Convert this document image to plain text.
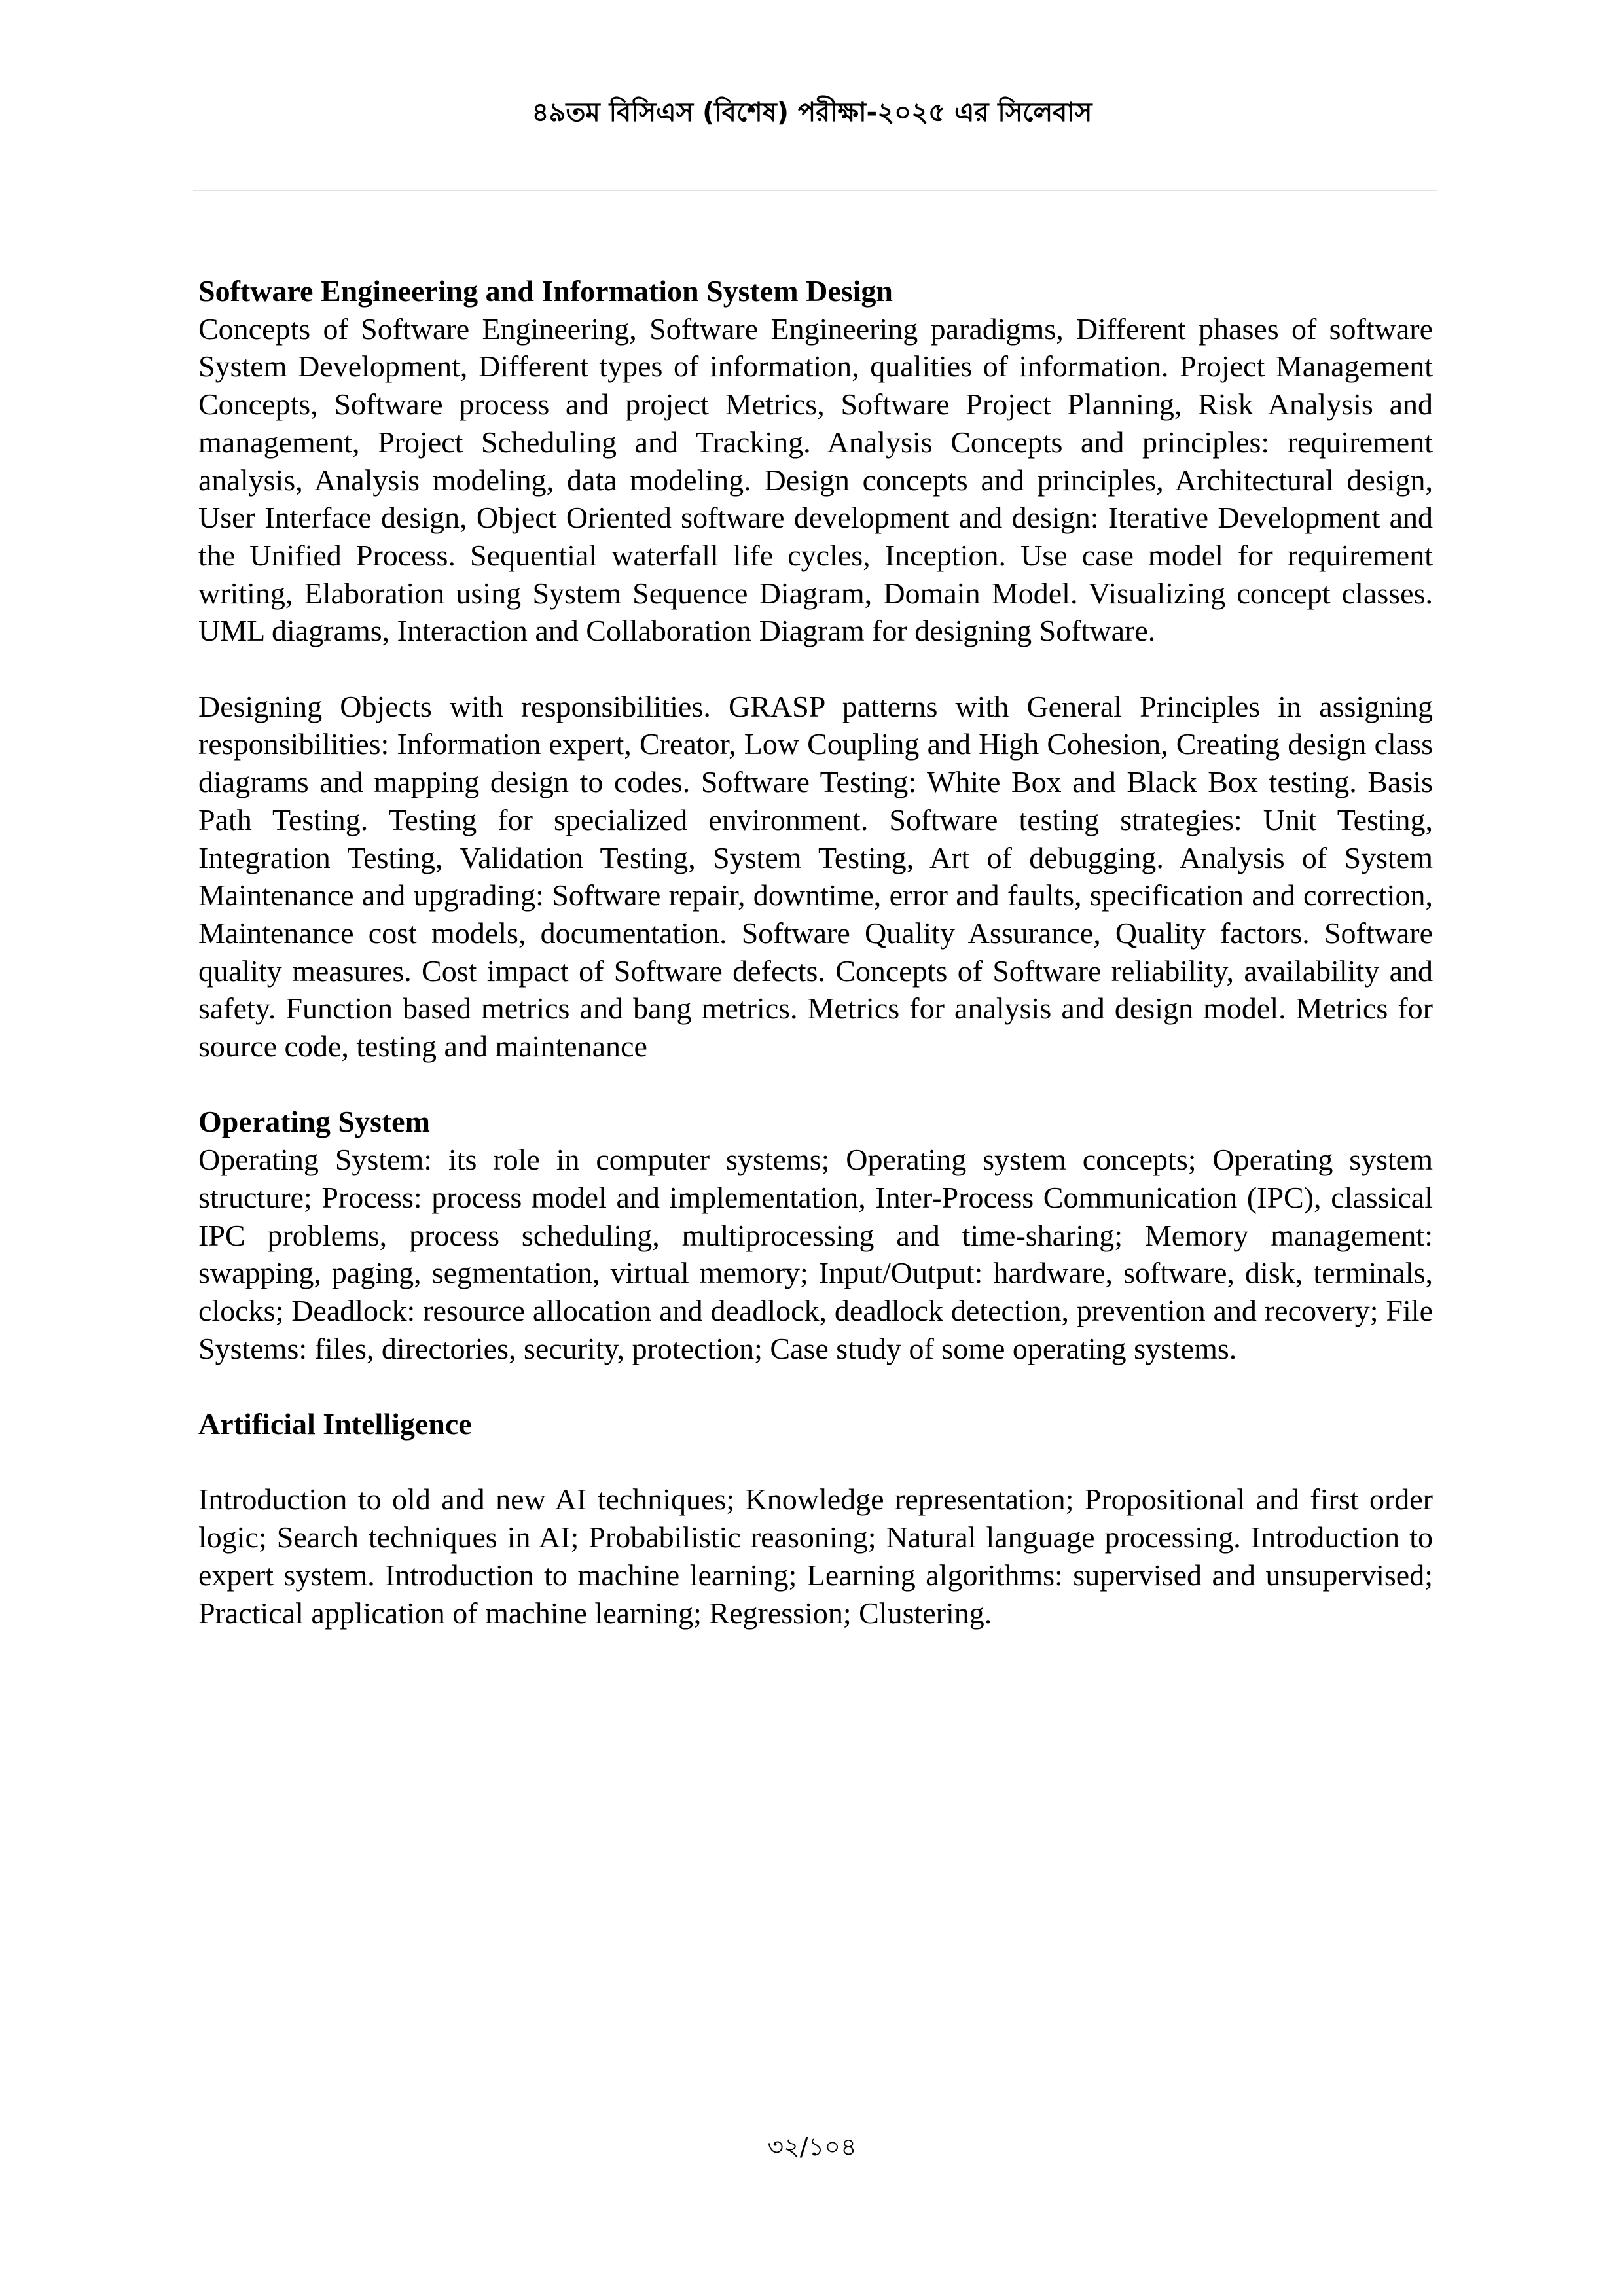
৪৯তম বিসিএস (বিশেষ) পরীক্ষা-২০২৫ এর সিলেবাস

Software Engineering and Information System Design

Concepts of Software Engineering, Software Engineering paradigms, Different phases of software System Development, Different types of information, qualities of information. Project Management Concepts, Software process and project Metrics, Software Project Planning, Risk Analysis and management, Project Scheduling and Tracking. Analysis Concepts and principles: requirement analysis, Analysis modeling, data modeling. Design concepts and principles, Architectural design, User Interface design, Object Oriented software development and design: Iterative Development and the Unified Process. Sequential waterfall life cycles, Inception. Use case model for requirement writing, Elaboration using System Sequence Diagram, Domain Model. Visualizing concept classes. UML diagrams, Interaction and Collaboration Diagram for designing Software.

Designing Objects with responsibilities. GRASP patterns with General Principles in assigning responsibilities: Information expert, Creator, Low Coupling and High Cohesion, Creating design class diagrams and mapping design to codes. Software Testing: White Box and Black Box testing. Basis Path Testing. Testing for specialized environment. Software testing strategies: Unit Testing, Integration Testing, Validation Testing, System Testing, Art of debugging. Analysis of System Maintenance and upgrading: Software repair, downtime, error and faults, specification and correction, Maintenance cost models, documentation. Software Quality Assurance, Quality factors. Software quality measures. Cost impact of Software defects. Concepts of Software reliability, availability and safety. Function based metrics and bang metrics. Metrics for analysis and design model. Metrics for source code, testing and maintenance

Operating System

Operating System: its role in computer systems; Operating system concepts; Operating system structure; Process: process model and implementation, Inter-Process Communication (IPC), classical IPC problems, process scheduling, multiprocessing and time-sharing; Memory management: swapping, paging, segmentation, virtual memory; Input/Output: hardware, software, disk, terminals, clocks; Deadlock: resource allocation and deadlock, deadlock detection, prevention and recovery; File Systems: files, directories, security, protection; Case study of some operating systems.

Artificial Intelligence

Introduction to old and new AI techniques; Knowledge representation; Propositional and first order logic; Search techniques in AI; Probabilistic reasoning; Natural language processing. Introduction to expert system. Introduction to machine learning; Learning algorithms: supervised and unsupervised; Practical application of machine learning; Regression; Clustering.

৩২/১০৪
